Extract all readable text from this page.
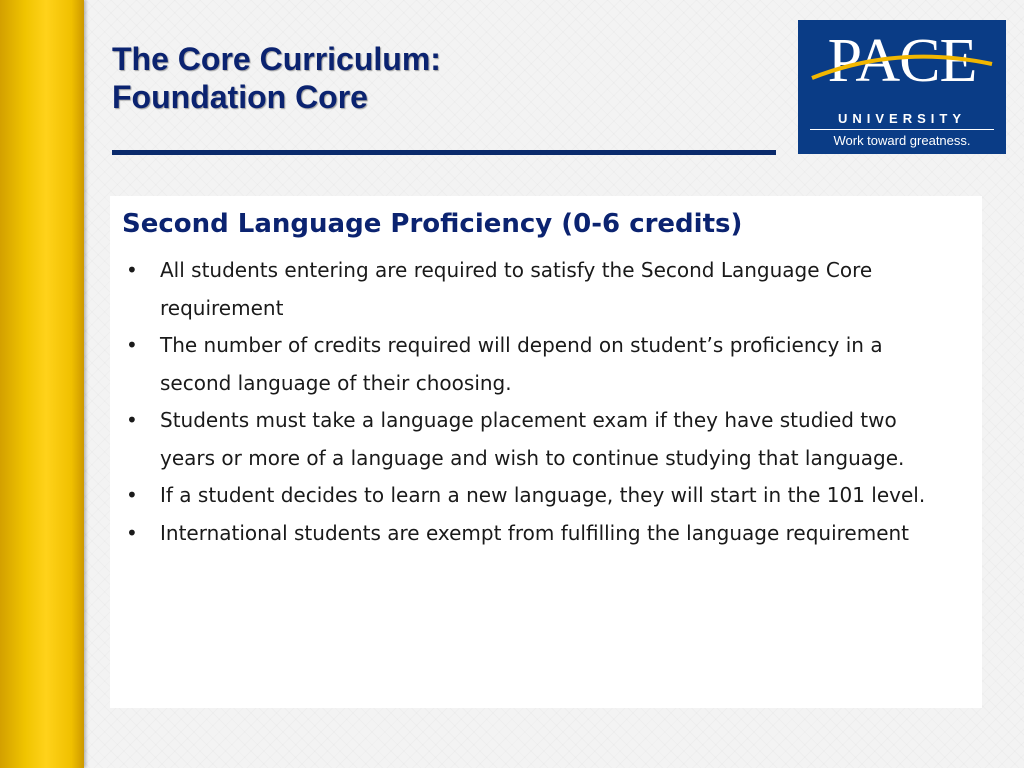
The Core Curriculum:
Foundation Core
PACE
UNIVERSITY
Work toward greatness.
Second Language Proficiency (0-6 credits)
• All students entering are required to satisfy the Second Language Core requirement
• The number of credits required will depend on student’s proficiency in a second language of their choosing.
• Students must take a language placement exam if they have studied two years or more of a language and wish to continue studying that language.
• If a student decides to learn a new language, they will start in the 101 level.
• International students are exempt from fulfilling the language requirement
